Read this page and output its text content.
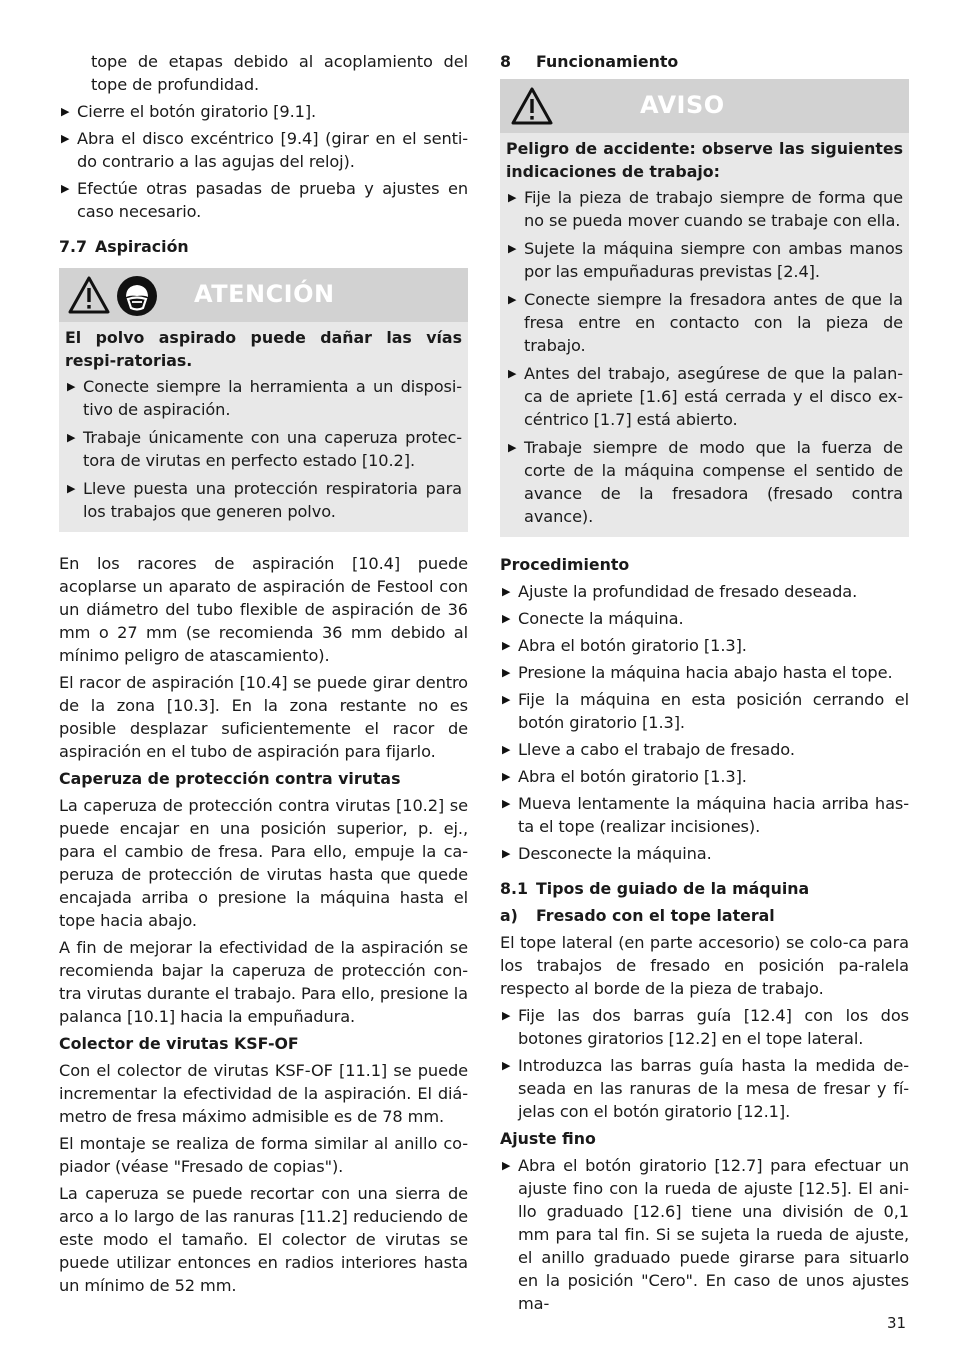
tope de etapas debido al acoplamiento del tope de profundidad.
▶ Cierre el botón giratorio [9.1].
▶ Abra el disco excéntrico [9.4] (girar en el senti-do contrario a las agujas del reloj).
▶ Efectúe otras pasadas de prueba y ajustes en caso necesario.
7.7 Aspiración
ATENCIÓN
El polvo aspirado puede dañar las vías respi-ratorias.
▶ Conecte siempre la herramienta a un disposi-tivo de aspiración.
▶ Trabaje únicamente con una caperuza protec-tora de virutas en perfecto estado [10.2].
▶ Lleve puesta una protección respiratoria para los trabajos que generen polvo.
En los racores de aspiración [10.4] puede acoplarse un aparato de aspiración de Festool con un diámetro del tubo flexible de aspiración de 36 mm o 27 mm (se recomienda 36 mm debido al mínimo peligro de atascamiento).
El racor de aspiración [10.4] se puede girar dentro de la zona [10.3]. En la zona restante no es posible desplazar suficientemente el racor de aspiración en el tubo de aspiración para fijarlo.
Caperuza de protección contra virutas
La caperuza de protección contra virutas [10.2] se puede encajar en una posición superior, p. ej., para el cambio de fresa. Para ello, empuje la ca-peruza de protección de virutas hasta que quede encajada arriba o presione la máquina hasta el tope hacia abajo.
A fin de mejorar la efectividad de la aspiración se recomienda bajar la caperuza de protección con-tra virutas durante el trabajo. Para ello, presione la palanca [10.1] hacia la empuñadura.
Colector de virutas KSF-OF
Con el colector de virutas KSF-OF [11.1] se puede incrementar la efectividad de la aspiración. El diá-metro de fresa máximo admisible es de 78 mm.
El montaje se realiza de forma similar al anillo co-piador (véase "Fresado de copias").
La caperuza se puede recortar con una sierra de arco a lo largo de las ranuras [11.2] reduciendo de este modo el tamaño. El colector de virutas se puede utilizar entonces en radios interiores hasta un mínimo de 52 mm.
8 Funcionamiento
AVISO
Peligro de accidente: observe las siguientes indicaciones de trabajo:
▶ Fije la pieza de trabajo siempre de forma que no se pueda mover cuando se trabaje con ella.
▶ Sujete la máquina siempre con ambas manos por las empuñaduras previstas [2.4].
▶ Conecte siempre la fresadora antes de que la fresa entre en contacto con la pieza de trabajo.
▶ Antes del trabajo, asegúrese de que la palan-ca de apriete [1.6] está cerrada y el disco ex-céntrico [1.7] está abierto.
▶ Trabaje siempre de modo que la fuerza de corte de la máquina compense el sentido de avance de la fresadora (fresado contra avance).
Procedimiento
▶ Ajuste la profundidad de fresado deseada.
▶ Conecte la máquina.
▶ Abra el botón giratorio [1.3].
▶ Presione la máquina hacia abajo hasta el tope.
▶ Fije la máquina en esta posición cerrando el botón giratorio [1.3].
▶ Lleve a cabo el trabajo de fresado.
▶ Abra el botón giratorio [1.3].
▶ Mueva lentamente la máquina hacia arriba has-ta el tope (realizar incisiones).
▶ Desconecte la máquina.
8.1 Tipos de guiado de la máquina
a) Fresado con el tope lateral
El tope lateral (en parte accesorio) se colo-ca para los trabajos de fresado en posición pa-ralela respecto al borde de la pieza de trabajo.
▶ Fije las dos barras guía [12.4] con los dos botones giratorios [12.2] en el tope lateral.
▶ Introduzca las barras guía hasta la medida de-seada en las ranuras de la mesa de fresar y fí-jelas con el botón giratorio [12.1].
Ajuste fino
▶ Abra el botón giratorio [12.7] para efectuar un ajuste fino con la rueda de ajuste [12.5]. El ani-llo graduado [12.6] tiene una división de 0,1 mm para tal fin. Si se sujeta la rueda de ajuste, el anillo graduado puede girarse para situarlo en la posición "Cero". En caso de unos ajustes ma-
31
